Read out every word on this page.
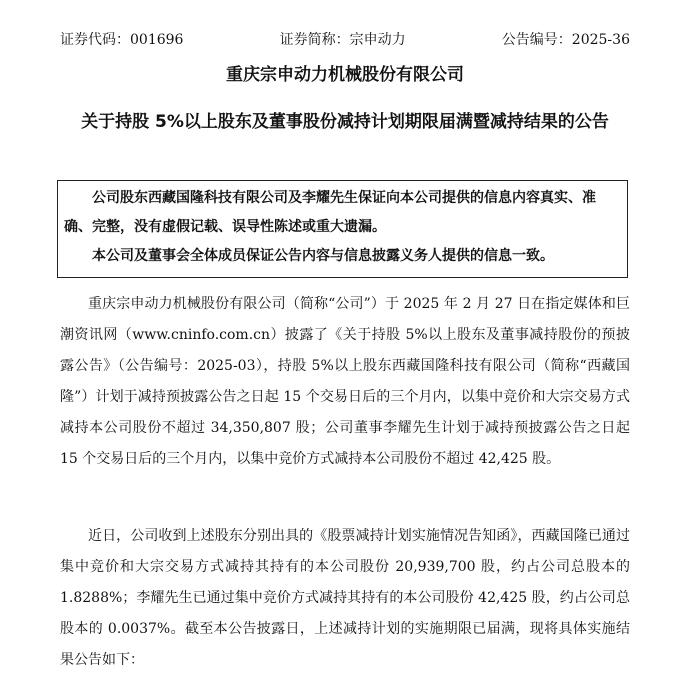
证券代码：001696	证券简称：宗申动力	公告编号：2025-36
重庆宗申动力机械股份有限公司
关于持股 5%以上股东及董事股份减持计划期限届满暨减持结果的公告

公司股东西藏国隆科技有限公司及李耀先生保证向本公司提供的信息内容真实、准确、完整，没有虚假记载、误导性陈述或重大遗漏。

本公司及董事会全体成员保证公告内容与信息披露义务人提供的信息一致。

重庆宗申动力机械股份有限公司（简称“公司”）于 2025 年 2 月 27 日在指定媒体和巨潮资讯网（www.cninfo.com.cn）披露了《关于持股 5%以上股东及董事减持股份的预披露公告》（公告编号：2025-03），持股 5%以上股东西藏国隆科技有限公司（简称“西藏国隆”）计划于减持预披露公告之日起 15 个交易日后的三个月内，以集中竞价和大宗交易方式减持本公司股份不超过 34,350,807 股；公司董事李耀先生计划于减持预披露公告之日起 15 个交易日后的三个月内，以集中竞价方式减持本公司股份不超过 42,425 股。

近日，公司收到上述股东分别出具的《股票减持计划实施情况告知函》，西藏国隆已通过集中竞价和大宗交易方式减持其持有的本公司股份 20,939,700 股，约占公司总股本的 1.8288%；李耀先生已通过集中竞价方式减持其持有的本公司股份 42,425 股，约占公司总股本的 0.0037%。截至本公告披露日，上述减持计划的实施期限已届满，现将具体实施结果公告如下：
